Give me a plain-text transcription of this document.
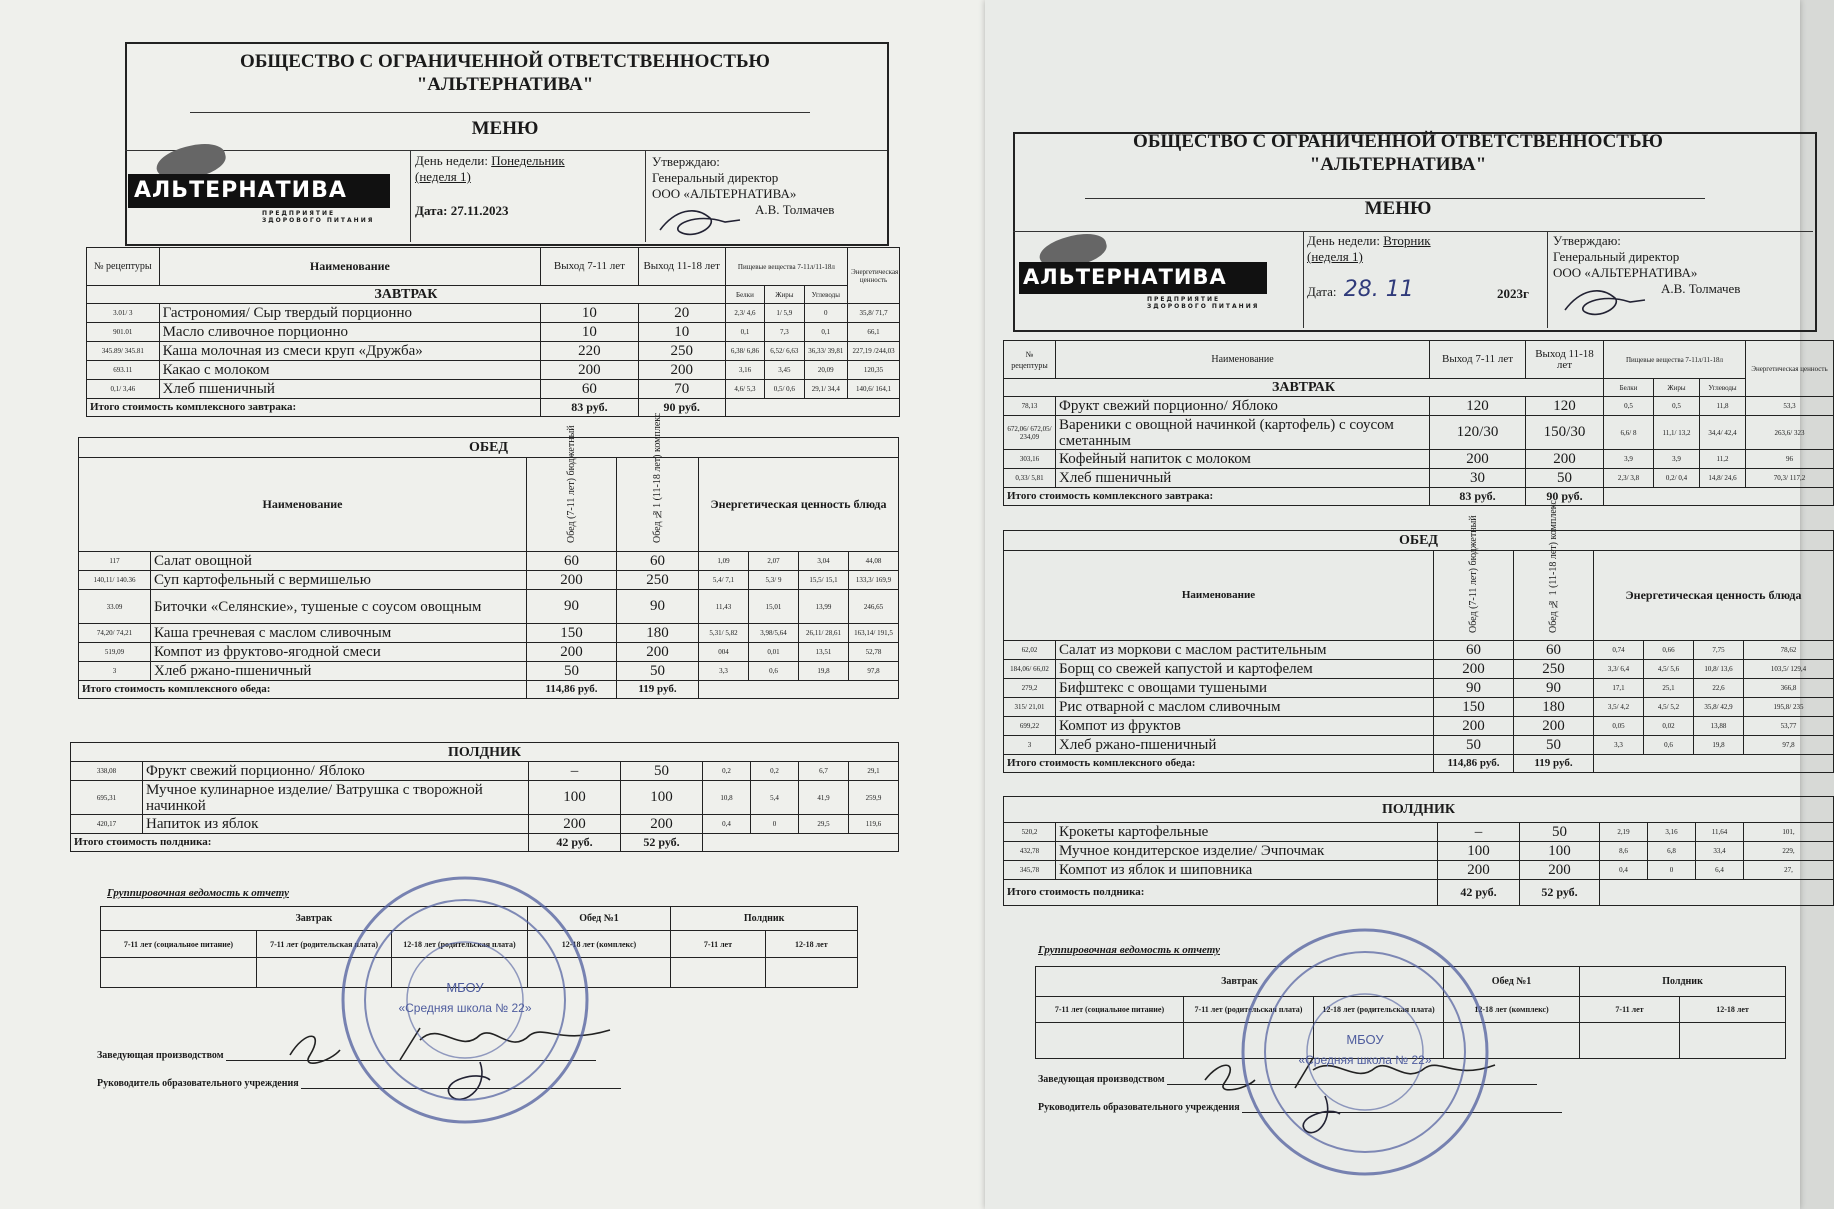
ОБЩЕСТВО С ОГРАНИЧЕННОЙ ОТВЕТСТВЕННОСТЬЮ
"АЛЬТЕРНАТИВА"
МЕНЮ
АЛЬТЕРНАТИВА
ПРЕДПРИЯТИЕ ЗДОРОВОГО ПИТАНИЯ
День недели: Понедельник
(неделя 1)
Дата: 27.11.2023
Утверждаю:
Генеральный директор
ООО «АЛЬТЕРНАТИВА»
А.В. Толмачев
№ рецептуры	Наименование	Выход 7-11 лет	Выход 11-18 лет	Пищевые вещества 7-11л/11-18л			Энергетическая ценность
ЗАВТРАК				Белки	Жиры	Углеводы	
3.01/ 3	Гастрономия/ Сыр твердый порционно	10	20	2,3/ 4,6	1/ 5,9	0	35,8/ 71,7
901.01	Масло сливочное порционно	10	10	0,1	7,3	0,1	66,1
345.89/ 345.81	Каша молочная из смеси круп «Дружба»	220	250	6,38/ 6,86	6,52/ 6,63	36,33/ 39,81	227,19 /244,03
693.11	Какао с молоком	200	200	3,16	3,45	20,09	120,35
0,1/ 3,46	Хлеб пшеничный	60	70	4,6/ 5,3	0,5/ 0,6	29,1/ 34,4	140,6/ 164,1
Итого стоимость комплексного завтрака:		83 руб.	90 руб.				
ОБЕД							
Наименование		Обед (7-11 лет) бюджетный	Обед №1 (11-18 лет) комплекс	Энергетическая ценность блюда			
117	Салат овощной	60	60	1,09	2,07	3,04	44,08
140,11/ 140.36	Суп картофельный с вермишелью	200	250	5,4/ 7,1	5,3/ 9	15,5/ 15,1	133,3/ 169,9
33.09	Биточки «Селянские», тушеные с соусом овощным	90	90	11,43	15,01	13,99	246,65
74,20/ 74,21	Каша гречневая с маслом сливочным	150	180	5,31/ 5,82	3,98/5,64	26,11/ 28,61	163,14/ 191,5
519,09	Компот из фруктово-ягодной смеси	200	200	004	0,01	13,51	52,78
3	Хлеб ржано-пшеничный	50	50	3,3	0,6	19,8	97,8
Итого стоимость комплексного обеда:		114,86 руб.	119 руб.				
ПОЛДНИК							
338,08	Фрукт свежий порционно/ Яблоко	–	50	0,2	0,2	6,7	29,1
695,31	Мучное кулинарное изделие/ Ватрушка с творожной начинкой	100	100	10,8	5,4	41,9	259,9
420,17	Напиток из яблок	200	200	0,4	0	29,5	119,6
Итого стоимость полдника:		42 руб.	52 руб.				
Группировочная ведомость к отчету
Завтрак			Обед №1	Полдник	
7-11 лет (социальное питание)	7-11 лет (родительская плата)	12-18 лет (родительская плата)	12-18 лет (комплекс)	7-11 лет	12-18 лет

Заведующая производством
Руководитель образовательного учреждения
МБОУ
«Средняя школа № 22»
ОБЩЕСТВО С ОГРАНИЧЕННОЙ ОТВЕТСТВЕННОСТЬЮ
"АЛЬТЕРНАТИВА"
МЕНЮ
АЛЬТЕРНАТИВА
ПРЕДПРИЯТИЕ ЗДОРОВОГО ПИТАНИЯ
День недели: Вторник
(неделя 1)
Дата: 28. 11	2023г
Утверждаю:
Генеральный директор
ООО «АЛЬТЕРНАТИВА»
А.В. Толмачев
№ рецептуры	Наименование	Выход 7-11 лет	Выход 11-18 лет	Пищевые вещества 7-11л/11-18л			Энергетическая ценность
ЗАВТРАК				Белки	Жиры	Углеводы	
78,13	Фрукт свежий порционно/ Яблоко	120	120	0,5	0,5	11,8	53,3
672,06/ 672,05/ 234,09	Вареники с овощной начинкой (картофель) с соусом сметанным	120/30	150/30	6,6/ 8	11,1/ 13,2	34,4/ 42,4	263,6/ 323
303,16	Кофейный напиток с молоком	200	200	3,9	3,9	11,2	96
0,33/ 5,81	Хлеб пшеничный	30	50	2,3/ 3,8	0,2/ 0,4	14,8/ 24,6	70,3/ 117,2
Итого стоимость комплексного завтрака:		83 руб.	90 руб.				
ОБЕД							
Наименование		Обед (7-11 лет) бюджетный	Обед № 1 (11-18 лет) комплекс	Энергетическая ценность блюда			
62,02	Салат из моркови с маслом растительным	60	60	0,74	0,66	7,75	78,62
184,06/ 66,02	Борщ со свежей капустой и картофелем	200	250	3,3/ 6,4	4,5/ 5,6	10,8/ 13,6	103,5/ 129,4
279,2	Бифштекс с овощами тушеными	90	90	17,1	25,1	22,6	366,8
315/ 21,01	Рис отварной с маслом сливочным	150	180	3,5/ 4,2	4,5/ 5,2	35,8/ 42,9	195,8/ 235
699,22	Компот из фруктов	200	200	0,05	0,02	13,88	53,77
3	Хлеб ржано-пшеничный	50	50	3,3	0,6	19,8	97,8
Итого стоимость комплексного обеда:		114,86 руб.	119 руб.				
ПОЛДНИК							
520,2	Крокеты картофельные	–	50	2,19	3,16	11,64	101,
432,78	Мучное кондитерское изделие/ Эчпочмак	100	100	8,6	6,8	33,4	229,
345,78	Компот из яблок и шиповника	200	200	0,4	0	6,4	27,
Итого стоимость полдника:		42 руб.	52 руб.				
Группировочная ведомость к отчету
Завтрак			Обед №1	Полдник	
7-11 лет (социальное питание)	7-11 лет (родительская плата)	12-18 лет (родительская плата)	12-18 лет (комплекс)	7-11 лет	12-18 лет

Заведующая производством
Руководитель образовательного учреждения
МБОУ
«Средняя школа № 22»
